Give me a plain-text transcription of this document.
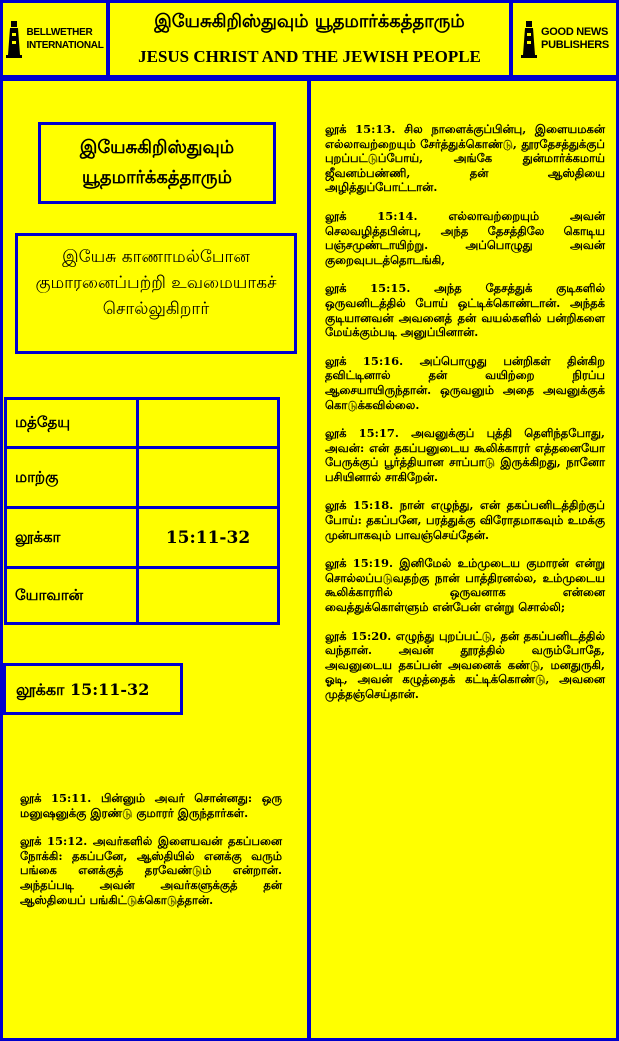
BELLWETHER
INTERNATIONAL
இயேசுகிறிஸ்துவும் யூதமார்க்கத்தாரும்
JESUS CHRIST AND THE JEWISH PEOPLE
GOOD NEWS
PUBLISHERS
இயேசுகிறிஸ்துவும் யூதமார்க்கத்தாரும்
இயேசு காணாமல்போன குமாரனைப்பற்றி உவமையாகச் சொல்லுகிறார்
மத்தேயு	
மாற்கு	
லூக்கா	15:11-32
யோவான்	
லூக்கா 15:11-32

லூக் 15:11. பின்னும் அவர் சொன்னது: ஒரு மனுஷனுக்கு இரண்டு குமாரர் இருந்தார்கள்.

லூக் 15:12. அவர்களில் இளையவன் தகப்பனை நோக்கி: தகப்பனே, ஆஸ்தியில் எனக்கு வரும் பங்கை எனக்குத் தரவேண்டும் என்றான். அந்தப்படி அவன் அவர்களுக்குத் தன் ஆஸ்தியைப் பங்கிட்டுக்கொடுத்தான்.

லூக் 15:13. சில நாளைக்குப்பின்பு, இளையமகன் எல்லாவற்றையும் சேர்த்துக்கொண்டு, தூரதேசத்துக்குப் புறப்பட்டுப்போய், அங்கே துன்மார்க்கமாய் ஜீவனம்பண்ணி, தன் ஆஸ்தியை அழித்துப்போட்டான்.

லூக் 15:14. எல்லாவற்றையும் அவன் செலவழித்தபின்பு, அந்த தேசத்திலே கொடிய பஞ்சமுண்டாயிற்று. அப்பொழுது அவன் குறைவுபடத்தொடங்கி,

லூக் 15:15. அந்த தேசத்துக் குடிகளில் ஒருவனிடத்தில் போய் ஒட்டிக்கொண்டான். அந்தக் குடியானவன் அவனைத் தன் வயல்களில் பன்றிகளை மேய்க்கும்படி அனுப்பினான்.

லூக் 15:16. அப்பொழுது பன்றிகள் தின்கிற தவிட்டினால் தன் வயிற்றை நிரப்ப ஆசையாயிருந்தான். ஒருவனும் அதை அவனுக்குக் கொடுக்கவில்லை.

லூக் 15:17. அவனுக்குப் புத்தி தெளிந்தபோது, அவன்: என் தகப்பனுடைய கூலிக்காரர் எத்தனையோ பேருக்குப் பூர்த்தியான சாப்பாடு இருக்கிறது, நானோ பசியினால் சாகிறேன்.

லூக் 15:18. நான் எழுந்து, என் தகப்பனிடத்திற்குப் போய்: தகப்பனே, பரத்துக்கு விரோதமாகவும் உமக்கு முன்பாகவும் பாவஞ்செய்தேன்.

லூக் 15:19. இனிமேல் உம்முடைய குமாரன் என்று சொல்லப்படுவதற்கு நான் பாத்திரனல்ல, உம்முடைய கூலிக்காரரில் ஒருவனாக என்னை வைத்துக்கொள்ளும் என்பேன் என்று சொல்லி;

லூக் 15:20. எழுந்து புறப்பட்டு, தன் தகப்பனிடத்தில் வந்தான். அவன் தூரத்தில் வரும்போதே, அவனுடைய தகப்பன் அவனைக் கண்டு, மனதுருகி, ஓடி, அவன் கழுத்தைக் கட்டிக்கொண்டு, அவனை முத்தஞ்செய்தான்.
